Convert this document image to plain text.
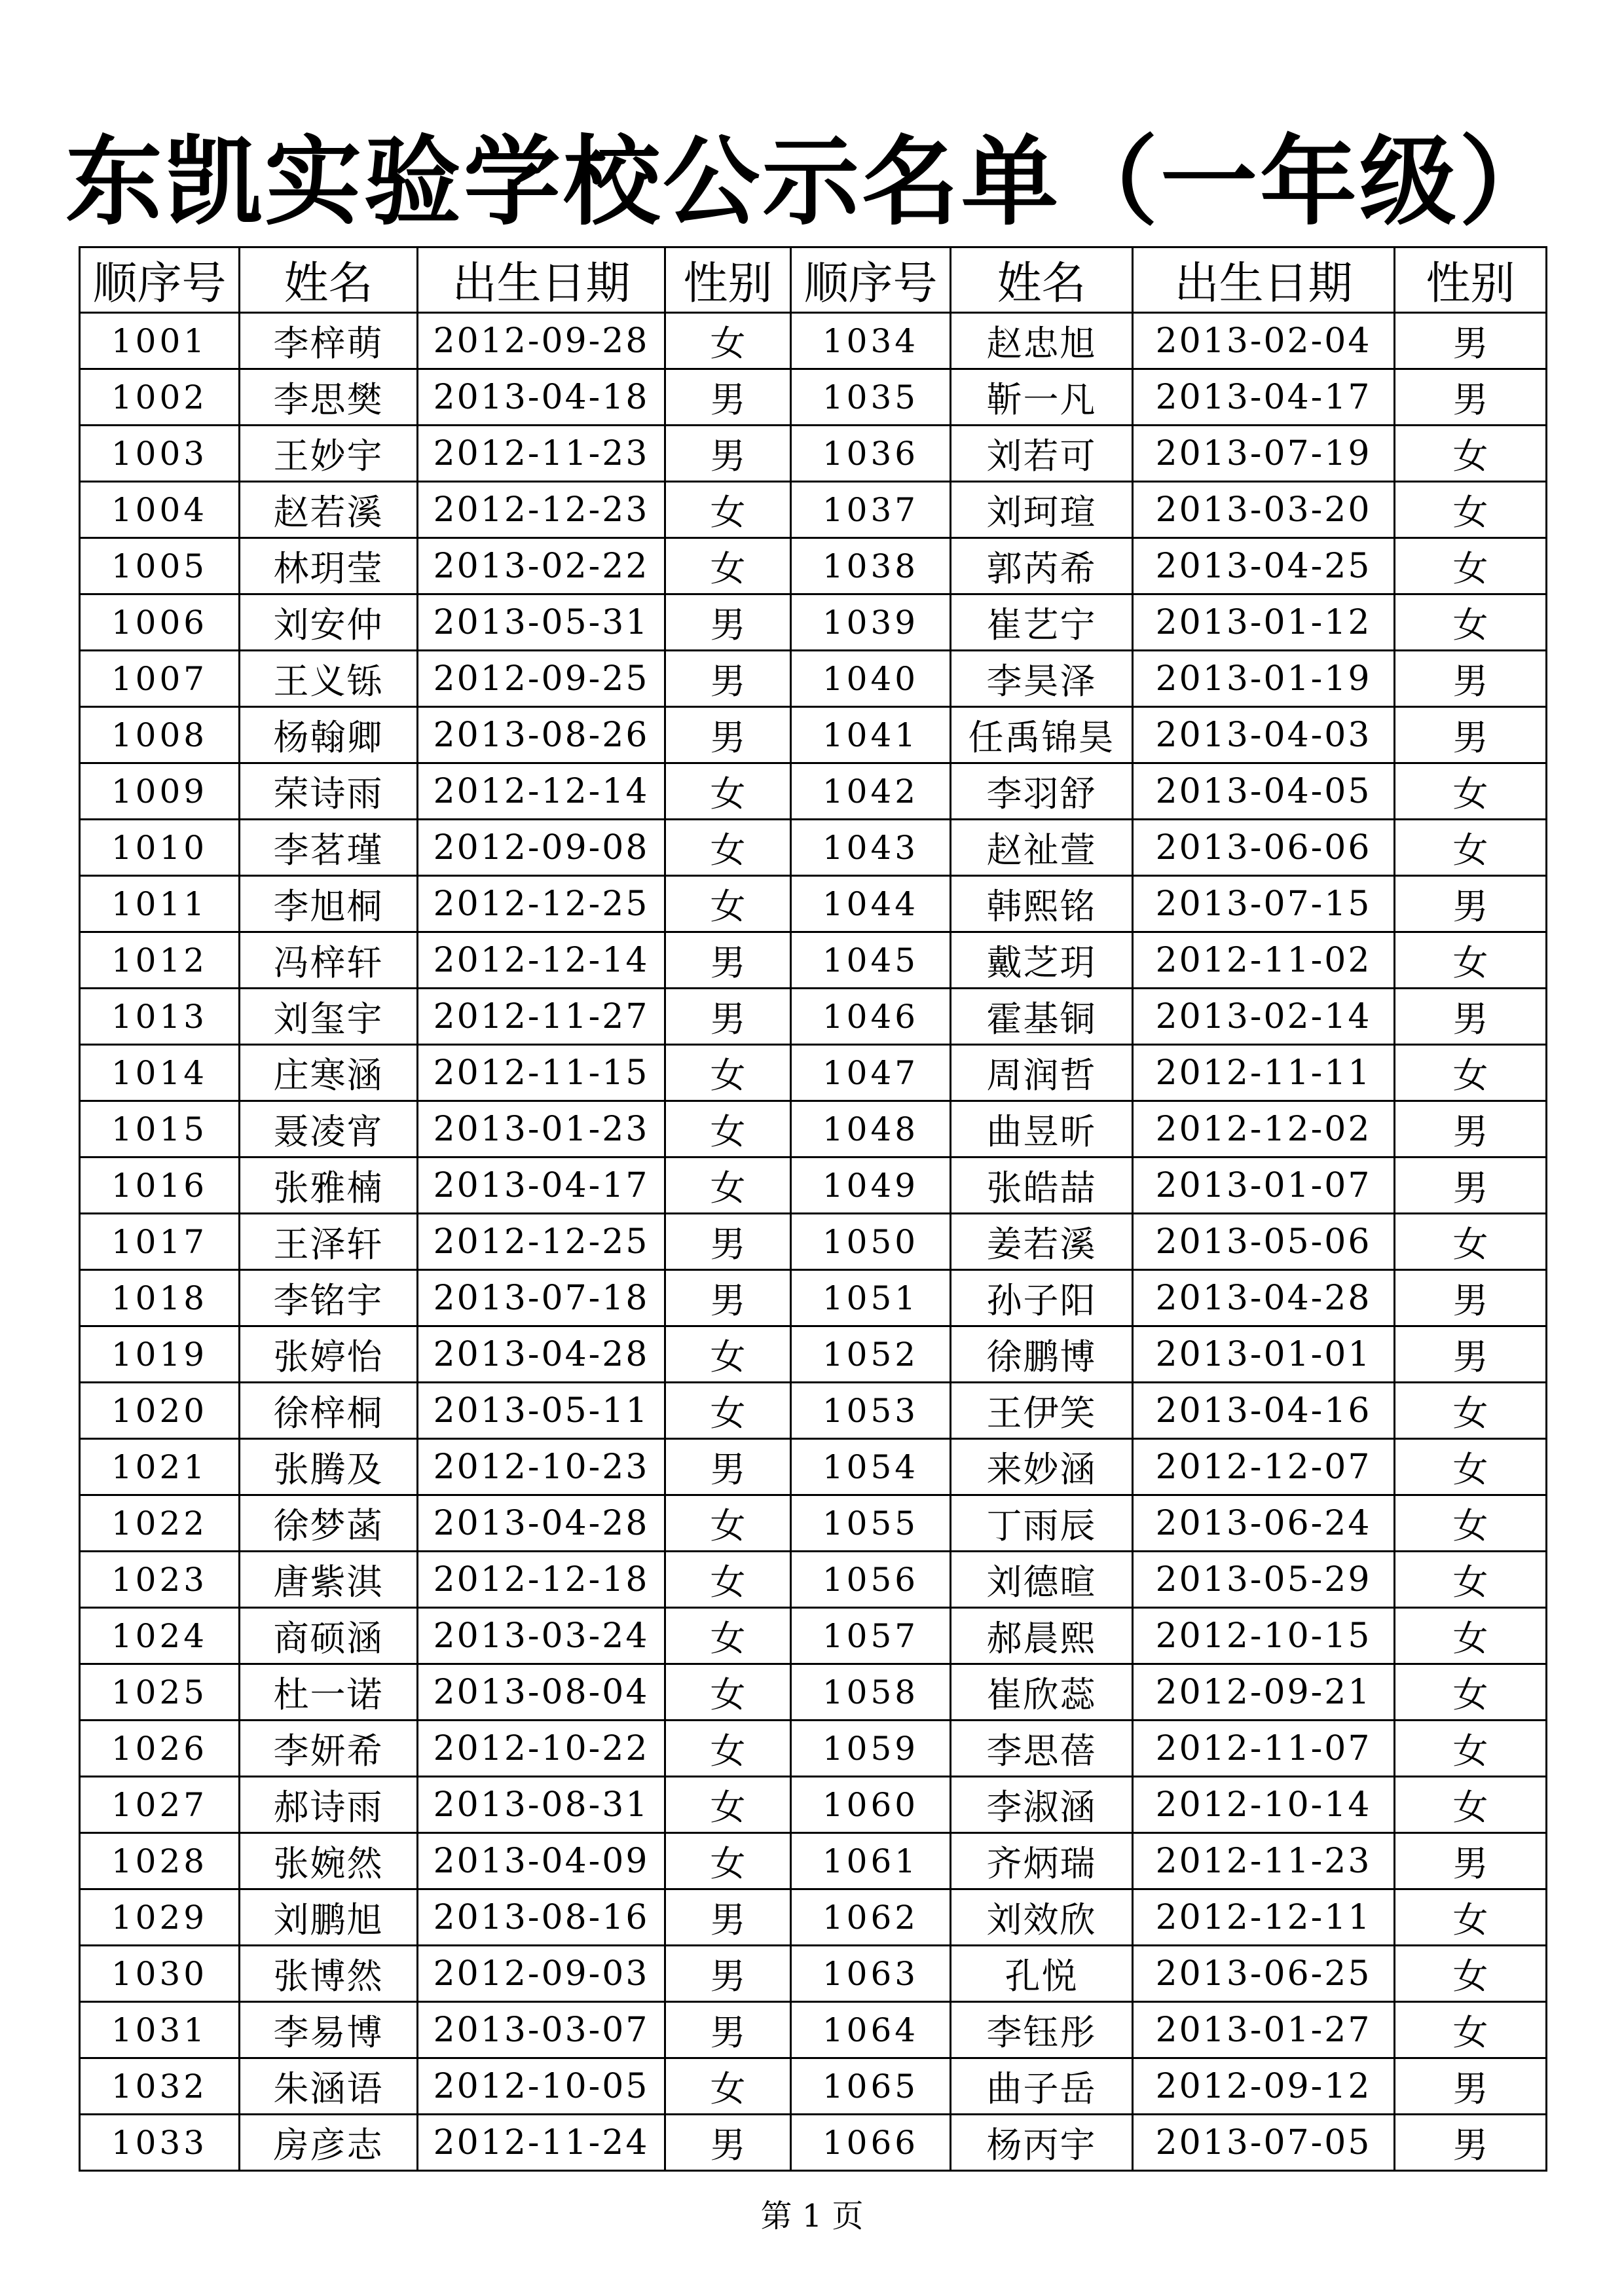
东凯实验学校公示名单（一年级）
顺序号	姓名	出生日期	性别	顺序号	姓名	出生日期	性别
1001	李梓萌	2012-09-28	女	1034	赵忠旭	2013-02-04	男
1002	李思樊	2013-04-18	男	1035	靳一凡	2013-04-17	男
1003	王妙宇	2012-11-23	男	1036	刘若可	2013-07-19	女
1004	赵若溪	2012-12-23	女	1037	刘珂瑄	2013-03-20	女
1005	林玥莹	2013-02-22	女	1038	郭芮希	2013-04-25	女
1006	刘安仲	2013-05-31	男	1039	崔艺宁	2013-01-12	女
1007	王义铄	2012-09-25	男	1040	李昊泽	2013-01-19	男
1008	杨翰卿	2013-08-26	男	1041	任禹锦昊	2013-04-03	男
1009	荣诗雨	2012-12-14	女	1042	李羽舒	2013-04-05	女
1010	李茗瑾	2012-09-08	女	1043	赵祉萱	2013-06-06	女
1011	李旭桐	2012-12-25	女	1044	韩熙铭	2013-07-15	男
1012	冯梓轩	2012-12-14	男	1045	戴芝玥	2012-11-02	女
1013	刘玺宇	2012-11-27	男	1046	霍基铜	2013-02-14	男
1014	庄寒涵	2012-11-15	女	1047	周润哲	2012-11-11	女
1015	聂凌宵	2013-01-23	女	1048	曲昱昕	2012-12-02	男
1016	张雅楠	2013-04-17	女	1049	张皓喆	2013-01-07	男
1017	王泽轩	2012-12-25	男	1050	姜若溪	2013-05-06	女
1018	李铭宇	2013-07-18	男	1051	孙子阳	2013-04-28	男
1019	张婷怡	2013-04-28	女	1052	徐鹏博	2013-01-01	男
1020	徐梓桐	2013-05-11	女	1053	王伊笑	2013-04-16	女
1021	张腾及	2012-10-23	男	1054	来妙涵	2012-12-07	女
1022	徐梦菡	2013-04-28	女	1055	丁雨辰	2013-06-24	女
1023	唐紫淇	2012-12-18	女	1056	刘德暄	2013-05-29	女
1024	商硕涵	2013-03-24	女	1057	郝晨熙	2012-10-15	女
1025	杜一诺	2013-08-04	女	1058	崔欣蕊	2012-09-21	女
1026	李妍希	2012-10-22	女	1059	李思蓓	2012-11-07	女
1027	郝诗雨	2013-08-31	女	1060	李淑涵	2012-10-14	女
1028	张婉然	2013-04-09	女	1061	齐炳瑞	2012-11-23	男
1029	刘鹏旭	2013-08-16	男	1062	刘效欣	2012-12-11	女
1030	张博然	2012-09-03	男	1063	孔悦	2013-06-25	女
1031	李易博	2013-03-07	男	1064	李钰彤	2013-01-27	女
1032	朱涵语	2012-10-05	女	1065	曲子岳	2012-09-12	男
1033	房彦志	2012-11-24	男	1066	杨丙宇	2013-07-05	男
第 1 页
